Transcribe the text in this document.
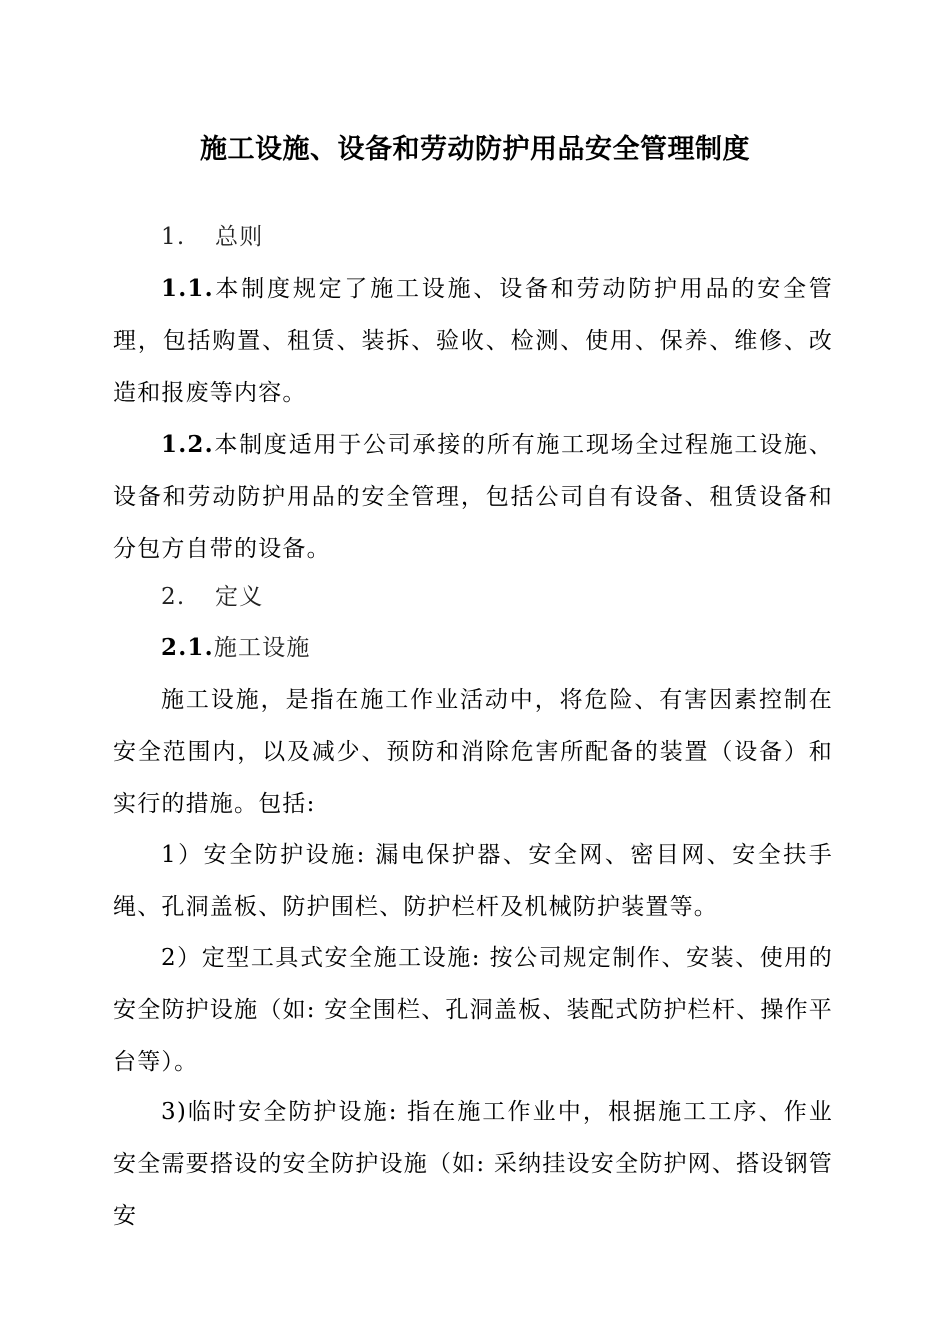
施工设施、设备和劳动防护用品安全管理制度

1. 总则

1.1.本制度规定了施工设施、设备和劳动防护用品的安全管理，包括购置、租赁、装拆、验收、检测、使用、保养、维修、改造和报废等内容。

1.2.本制度适用于公司承接的所有施工现场全过程施工设施、设备和劳动防护用品的安全管理，包括公司自有设备、租赁设备和分包方自带的设备。

2. 定义

2.1.施工设施

施工设施，是指在施工作业活动中，将危险、有害因素控制在安全范围内，以及减少、预防和消除危害所配备的装置（设备）和实行的措施。包括:

1）安全防护设施: 漏电保护器、安全网、密目网、安全扶手绳、孔洞盖板、防护围栏、防护栏杆及机械防护装置等。

2）定型工具式安全施工设施: 按公司规定制作、安装、使用的安全防护设施（如: 安全围栏、孔洞盖板、装配式防护栏杆、操作平台等）。

3)临时安全防护设施: 指在施工作业中，根据施工工序、作业安全需要搭设的安全防护设施（如: 采纳挂设安全防护网、搭设钢管安
